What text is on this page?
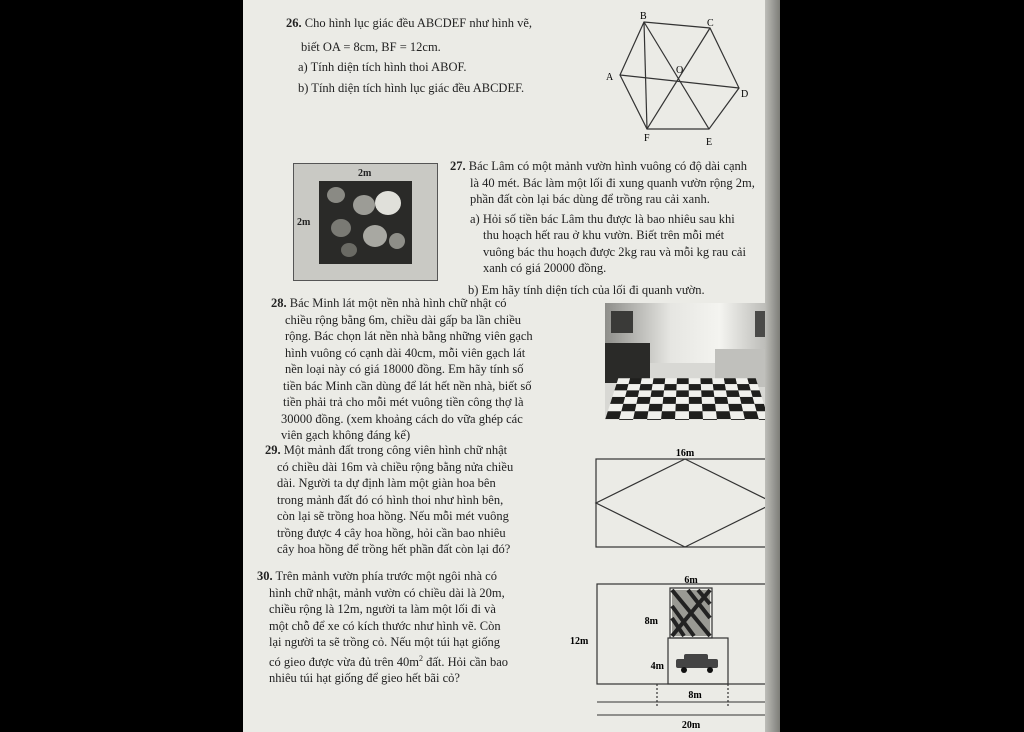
26. Cho hình lục giác đều ABCDEF như hình vẽ,
biết OA = 8cm, BF = 12cm.
a) Tính diện tích hình thoi ABOF.
b) Tính diện tích hình lục giác đều ABCDEF.
B
C
A
D
E
F
O
2m
2m
27. Bác Lâm có một mảnh vườn hình vuông có độ dài cạnh
là 40 mét. Bác làm một lối đi xung quanh vườn rộng 2m,
phần đất còn lại bác dùng để trồng rau cải xanh.
a) Hỏi số tiền bác Lâm thu được là bao nhiêu sau khi
thu hoạch hết rau ở khu vườn. Biết trên mỗi mét
vuông bác thu hoạch được 2kg rau và mỗi kg rau cải
xanh có giá 20000 đồng.
b) Em hãy tính diện tích của lối đi quanh vườn.
28. Bác Minh lát một nền nhà hình chữ nhật có
chiều rộng bằng 6m, chiều dài gấp ba lần chiều
rộng. Bác chọn lát nền nhà bằng những viên gạch
hình vuông có cạnh dài 40cm, mỗi viên gạch lát
nền loại này có giá 18000 đồng. Em hãy tính số
tiền bác Minh cần dùng để lát hết nền nhà, biết số
tiền phải trả cho mỗi mét vuông tiền công thợ là
30000 đồng. (xem khoảng cách do vữa ghép các
viên gạch không đáng kể)
29. Một mảnh đất trong công viên hình chữ nhật
có chiều dài 16m và chiều rộng bằng nửa chiều
dài. Người ta dự định làm một giàn hoa bên
trong mảnh đất đó có hình thoi như hình bên,
còn lại sẽ trồng hoa hồng. Nếu mỗi mét vuông
trồng được 4 cây hoa hồng, hỏi cần bao nhiêu
cây hoa hồng để trồng hết phần đất còn lại đó?
16m
30. Trên mảnh vườn phía trước một ngôi nhà có
hình chữ nhật, mảnh vườn có chiều dài là 20m,
chiều rộng là 12m, người ta làm một lối đi và
một chỗ để xe có kích thước như hình vẽ. Còn
lại người ta sẽ trồng cỏ. Nếu một túi hạt giống
có gieo được vừa đủ trên $40m^2$ đất. Hỏi cần bao
nhiêu túi hạt giống để gieo hết bãi cỏ?
6m
8m
12m
4m
8m
20m
